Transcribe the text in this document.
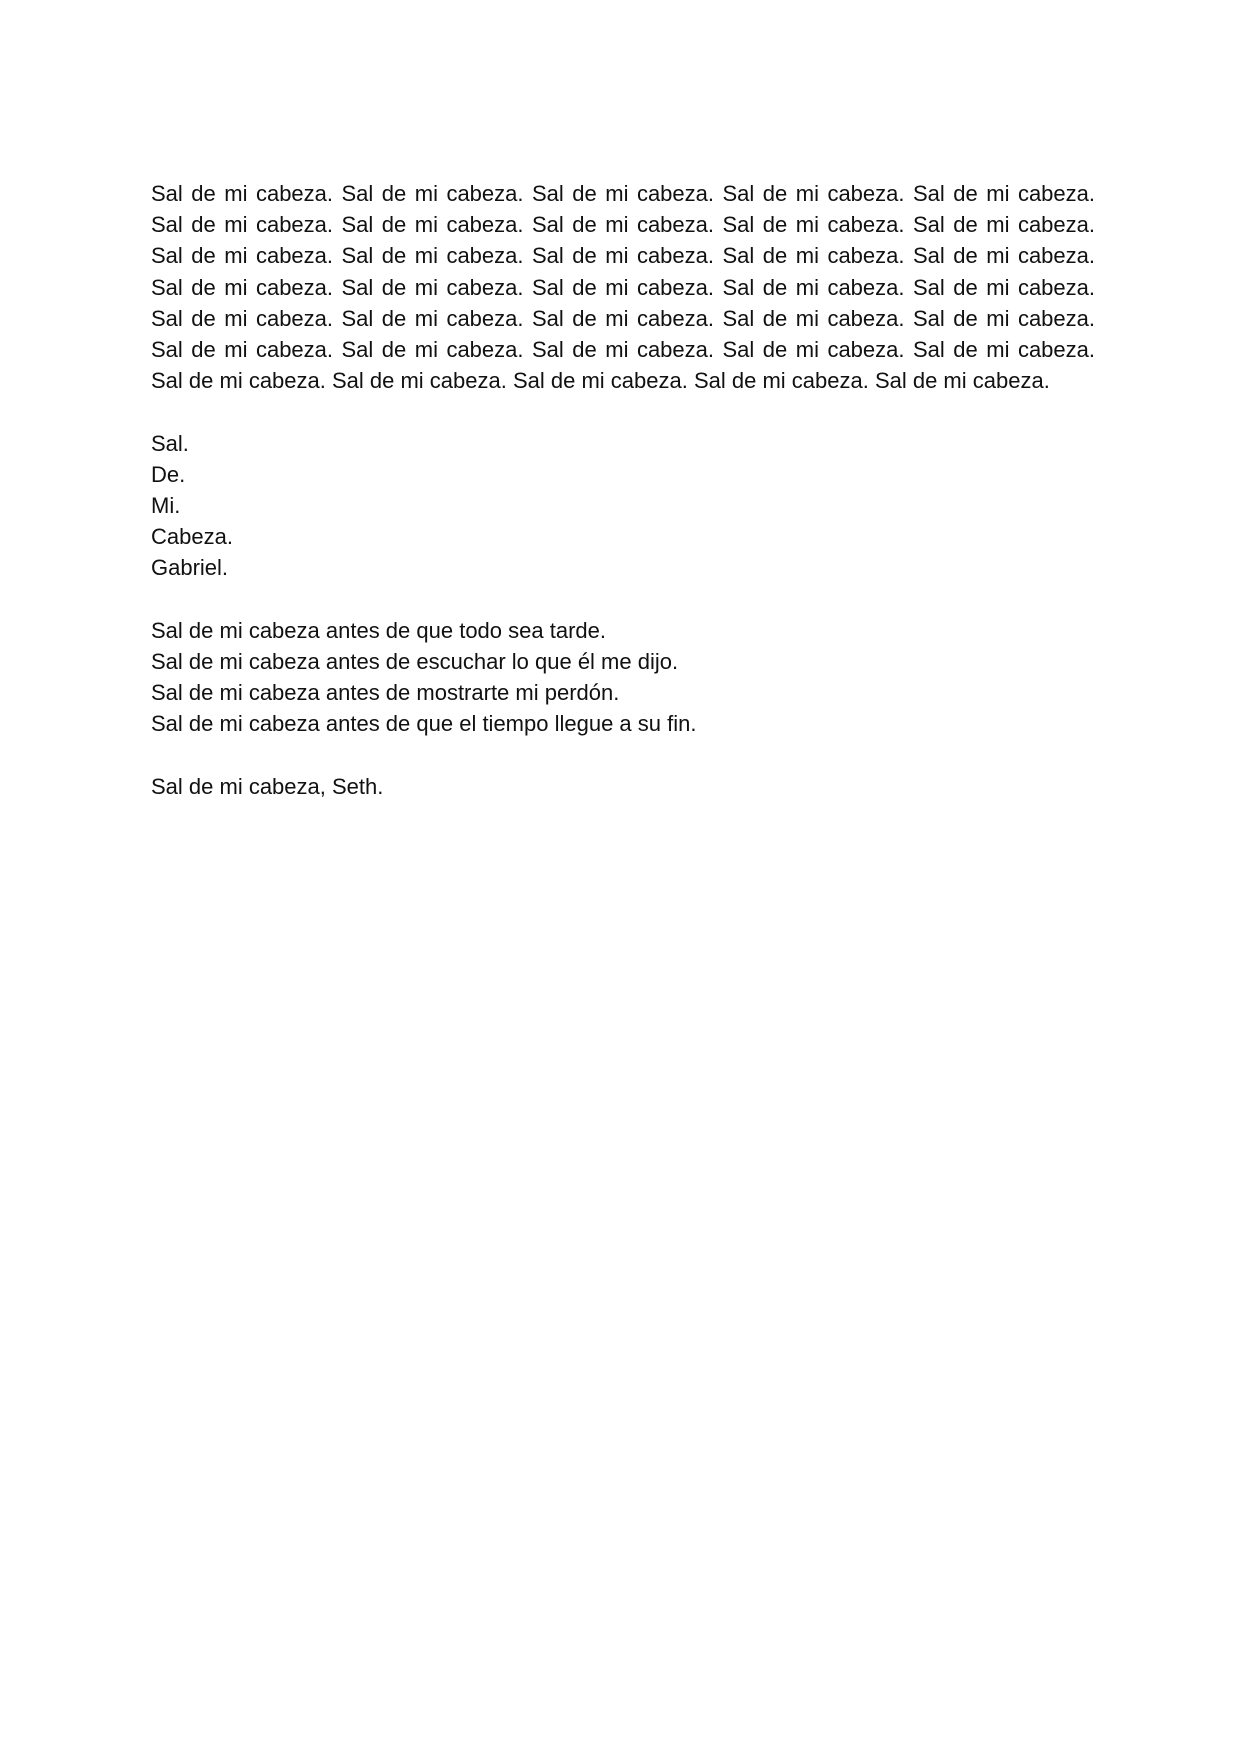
Sal de mi cabeza. Sal de mi cabeza. Sal de mi cabeza. Sal de mi cabeza. Sal de mi cabeza.
Sal de mi cabeza. Sal de mi cabeza. Sal de mi cabeza. Sal de mi cabeza. Sal de mi cabeza.
Sal de mi cabeza. Sal de mi cabeza. Sal de mi cabeza. Sal de mi cabeza. Sal de mi cabeza.
Sal de mi cabeza. Sal de mi cabeza. Sal de mi cabeza. Sal de mi cabeza. Sal de mi cabeza.
Sal de mi cabeza. Sal de mi cabeza. Sal de mi cabeza. Sal de mi cabeza. Sal de mi cabeza.
Sal de mi cabeza. Sal de mi cabeza. Sal de mi cabeza. Sal de mi cabeza. Sal de mi cabeza.
Sal de mi cabeza. Sal de mi cabeza. Sal de mi cabeza. Sal de mi cabeza. Sal de mi cabeza.
Sal.
De.
Mi.
Cabeza.
Gabriel.
Sal de mi cabeza antes de que todo sea tarde.
Sal de mi cabeza antes de escuchar lo que él me dijo.
Sal de mi cabeza antes de mostrarte mi perdón.
Sal de mi cabeza antes de que el tiempo llegue a su fin.
Sal de mi cabeza, Seth.
